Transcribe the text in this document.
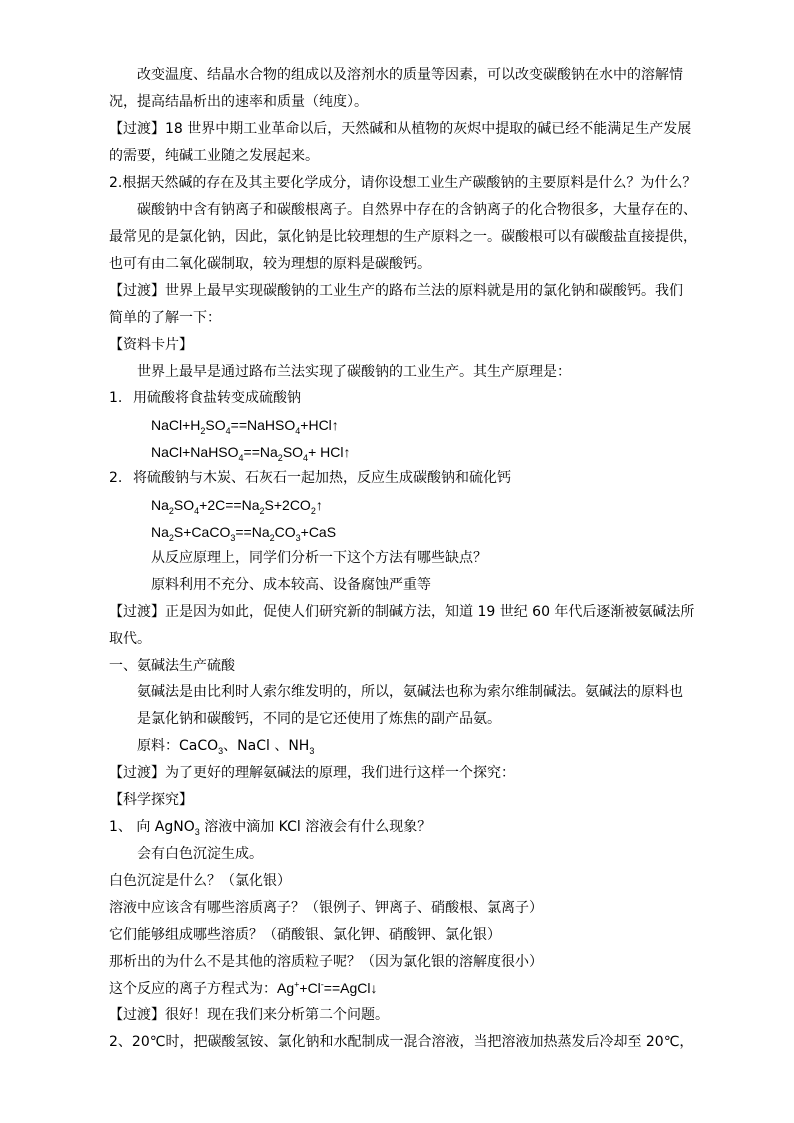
改变温度、结晶水合物的组成以及溶剂水的质量等因素，可以改变碳酸钠在水中的溶解情
况，提高结晶析出的速率和质量（纯度）。
【过渡】18 世界中期工业革命以后，天然碱和从植物的灰烬中提取的碱已经不能满足生产发展
的需要，纯碱工业随之发展起来。
2.根据天然碱的存在及其主要化学成分，请你设想工业生产碳酸钠的主要原料是什么？为什么？
碳酸钠中含有钠离子和碳酸根离子。自然界中存在的含钠离子的化合物很多，大量存在的、
最常见的是氯化钠，因此，氯化钠是比较理想的生产原料之一。碳酸根可以有碳酸盐直接提供，
也可有由二氧化碳制取，较为理想的原料是碳酸钙。
【过渡】世界上最早实现碳酸钠的工业生产的路布兰法的原料就是用的氯化钠和碳酸钙。我们
简单的了解一下：
【资料卡片】
世界上最早是通过路布兰法实现了碳酸钠的工业生产。其生产原理是：
1. 用硫酸将食盐转变成硫酸钠
$NaCl+H_2SO_4==NaHSO_4+HCl↑$
$NaCl+NaHSO_4==Na_2SO_4+$ HCl↑
2. 将硫酸钠与木炭、石灰石一起加热，反应生成碳酸钠和硫化钙
$Na_2SO_4+2C==Na_2S+2CO_2↑$
$Na_2S+CaCO_3==Na_2CO_3+CaS$
从反应原理上，同学们分析一下这个方法有哪些缺点？
原料利用不充分、成本较高、设备腐蚀严重等
【过渡】正是因为如此，促使人们研究新的制碱方法，知道 19 世纪 60 年代后逐渐被氨碱法所
取代。
一、氨碱法生产硫酸
氨碱法是由比利时人索尔维发明的，所以，氨碱法也称为索尔维制碱法。氨碱法的原料也
是氯化钠和碳酸钙，不同的是它还使用了炼焦的副产品氨。
原料：CaCO$_3$、NaCl 、$NH_3$
【过渡】为了更好的理解氨碱法的原理，我们进行这样一个探究：
【科学探究】
1、 向 AgNO$_3$ 溶液中滴加 KCl 溶液会有什么现象？
会有白色沉淀生成。
白色沉淀是什么？（氯化银）
溶液中应该含有哪些溶质离子？（银例子、钾离子、硝酸根、氯离子）
它们能够组成哪些溶质？（硝酸银、氯化钾、硝酸钾、氯化银）
那析出的为什么不是其他的溶质粒子呢？（因为氯化银的溶解度很小）
这个反应的离子方程式为：Ag++Cl-==AgCl↓
【过渡】很好！现在我们来分析第二个问题。
2、20℃时，把碳酸氢铵、氯化钠和水配制成一混合溶液，当把溶液加热蒸发后冷却至 20℃，
